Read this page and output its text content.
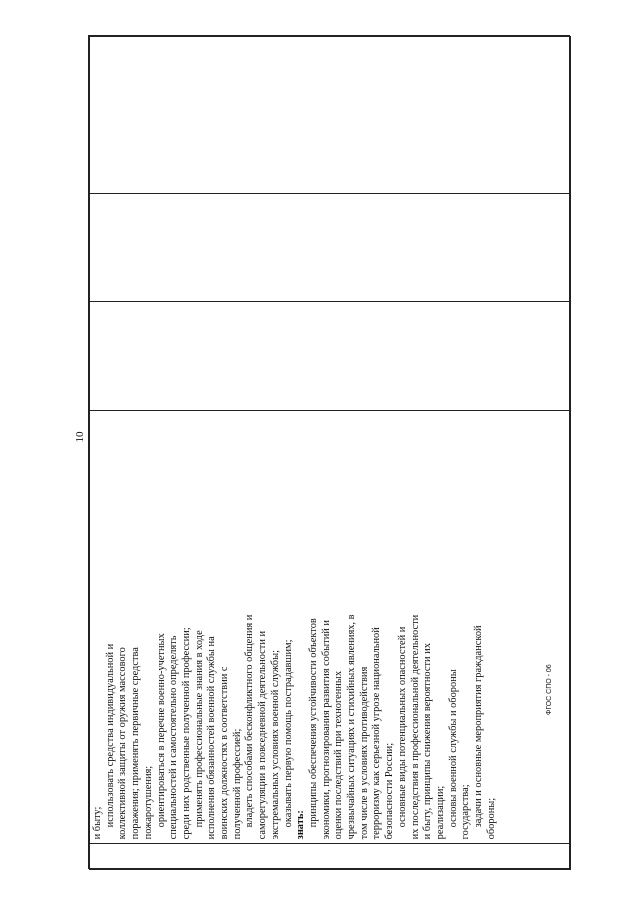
10

и быту; использовать средства индивидуальной и коллективной защиты от оружия массового поражения; применять первичные средства пожаротушения; ориентироваться в перечне военно-учетных специальностей и самостоятельно определять среди них родственные полученной профессии; применять профессиональные знания в ходе исполнения обязанностей военной службы на воинских должностях в соответствии с полученной профессией; владеть способами бесконфликтного общения и саморегуляции в повседневной деятельности и экстремальных условиях военной службы; оказывать первую помощь пострадавшим; знать: принципы обеспечения устойчивости объектов экономики, прогнозирования развития событий и оценки последствий при техногенных чрезвычайных ситуациях и стихийных явлениях, в том числе в условиях противодействия терроризму как серьезной угрозе национальной безопасности России; основные виды потенциальных опасностей и их последствия в профессиональной деятельности и быту, принципы снижения вероятности их реализации; основы военной службы и обороны государства; задачи и основные мероприятия гражданской обороны;

ФГОС СПО - 06
